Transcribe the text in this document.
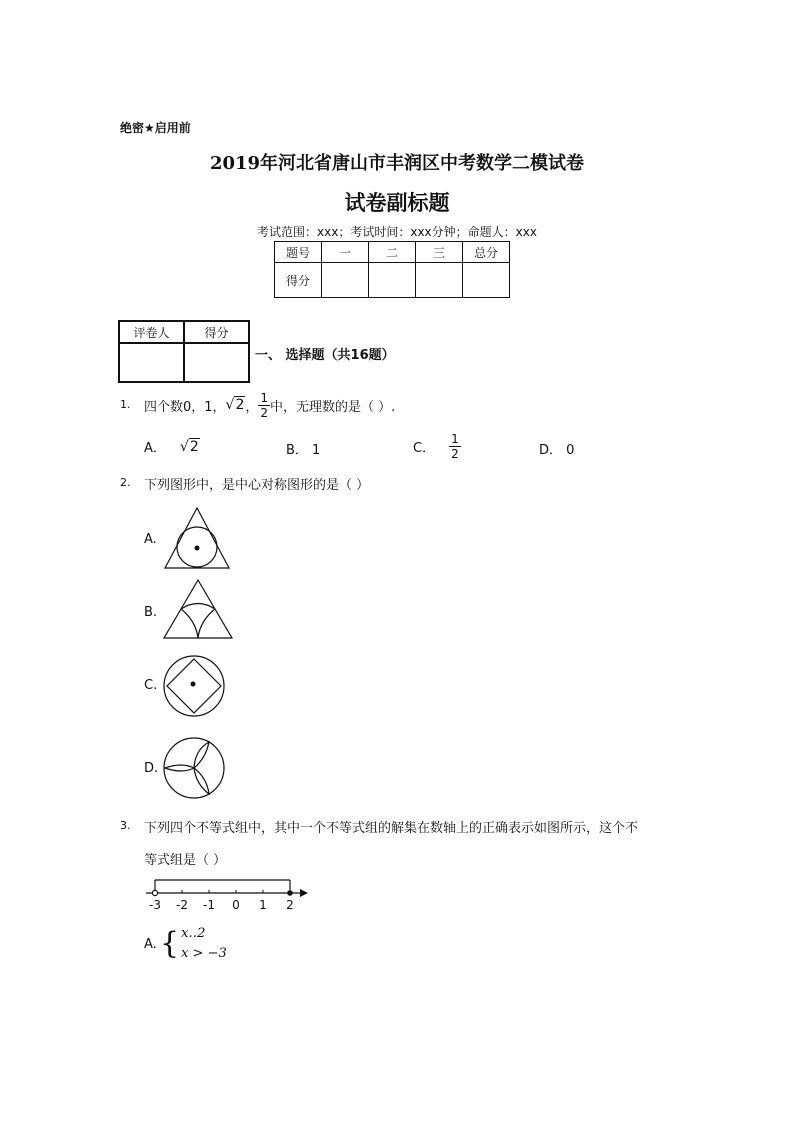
绝密★启用前
2019年河北省唐山市丰润区中考数学二模试卷
试卷副标题
考试范围：xxx；考试时间：xxx分钟；命题人：xxx
题号	一	二	三	总分
得分				
评卷人	得分

一、 选择题（共16题）
1. 四个数0，1， √2 ， $\frac{1}{2}$ 中，无理数的是（ ）.
A． √2	B． 1	C． $\frac{1}{2}$	D． 0
2. 下列图形中，是中心对称图形的是（ ）
A.
B.
C.
D.
3. 下列四个不等式组中，其中一个不等式组的解集在数轴上的正确表示如图所示，这个不
等式组是（ ）
-3 -2 -1 0 1 2
A. { x‥2
x > −3
